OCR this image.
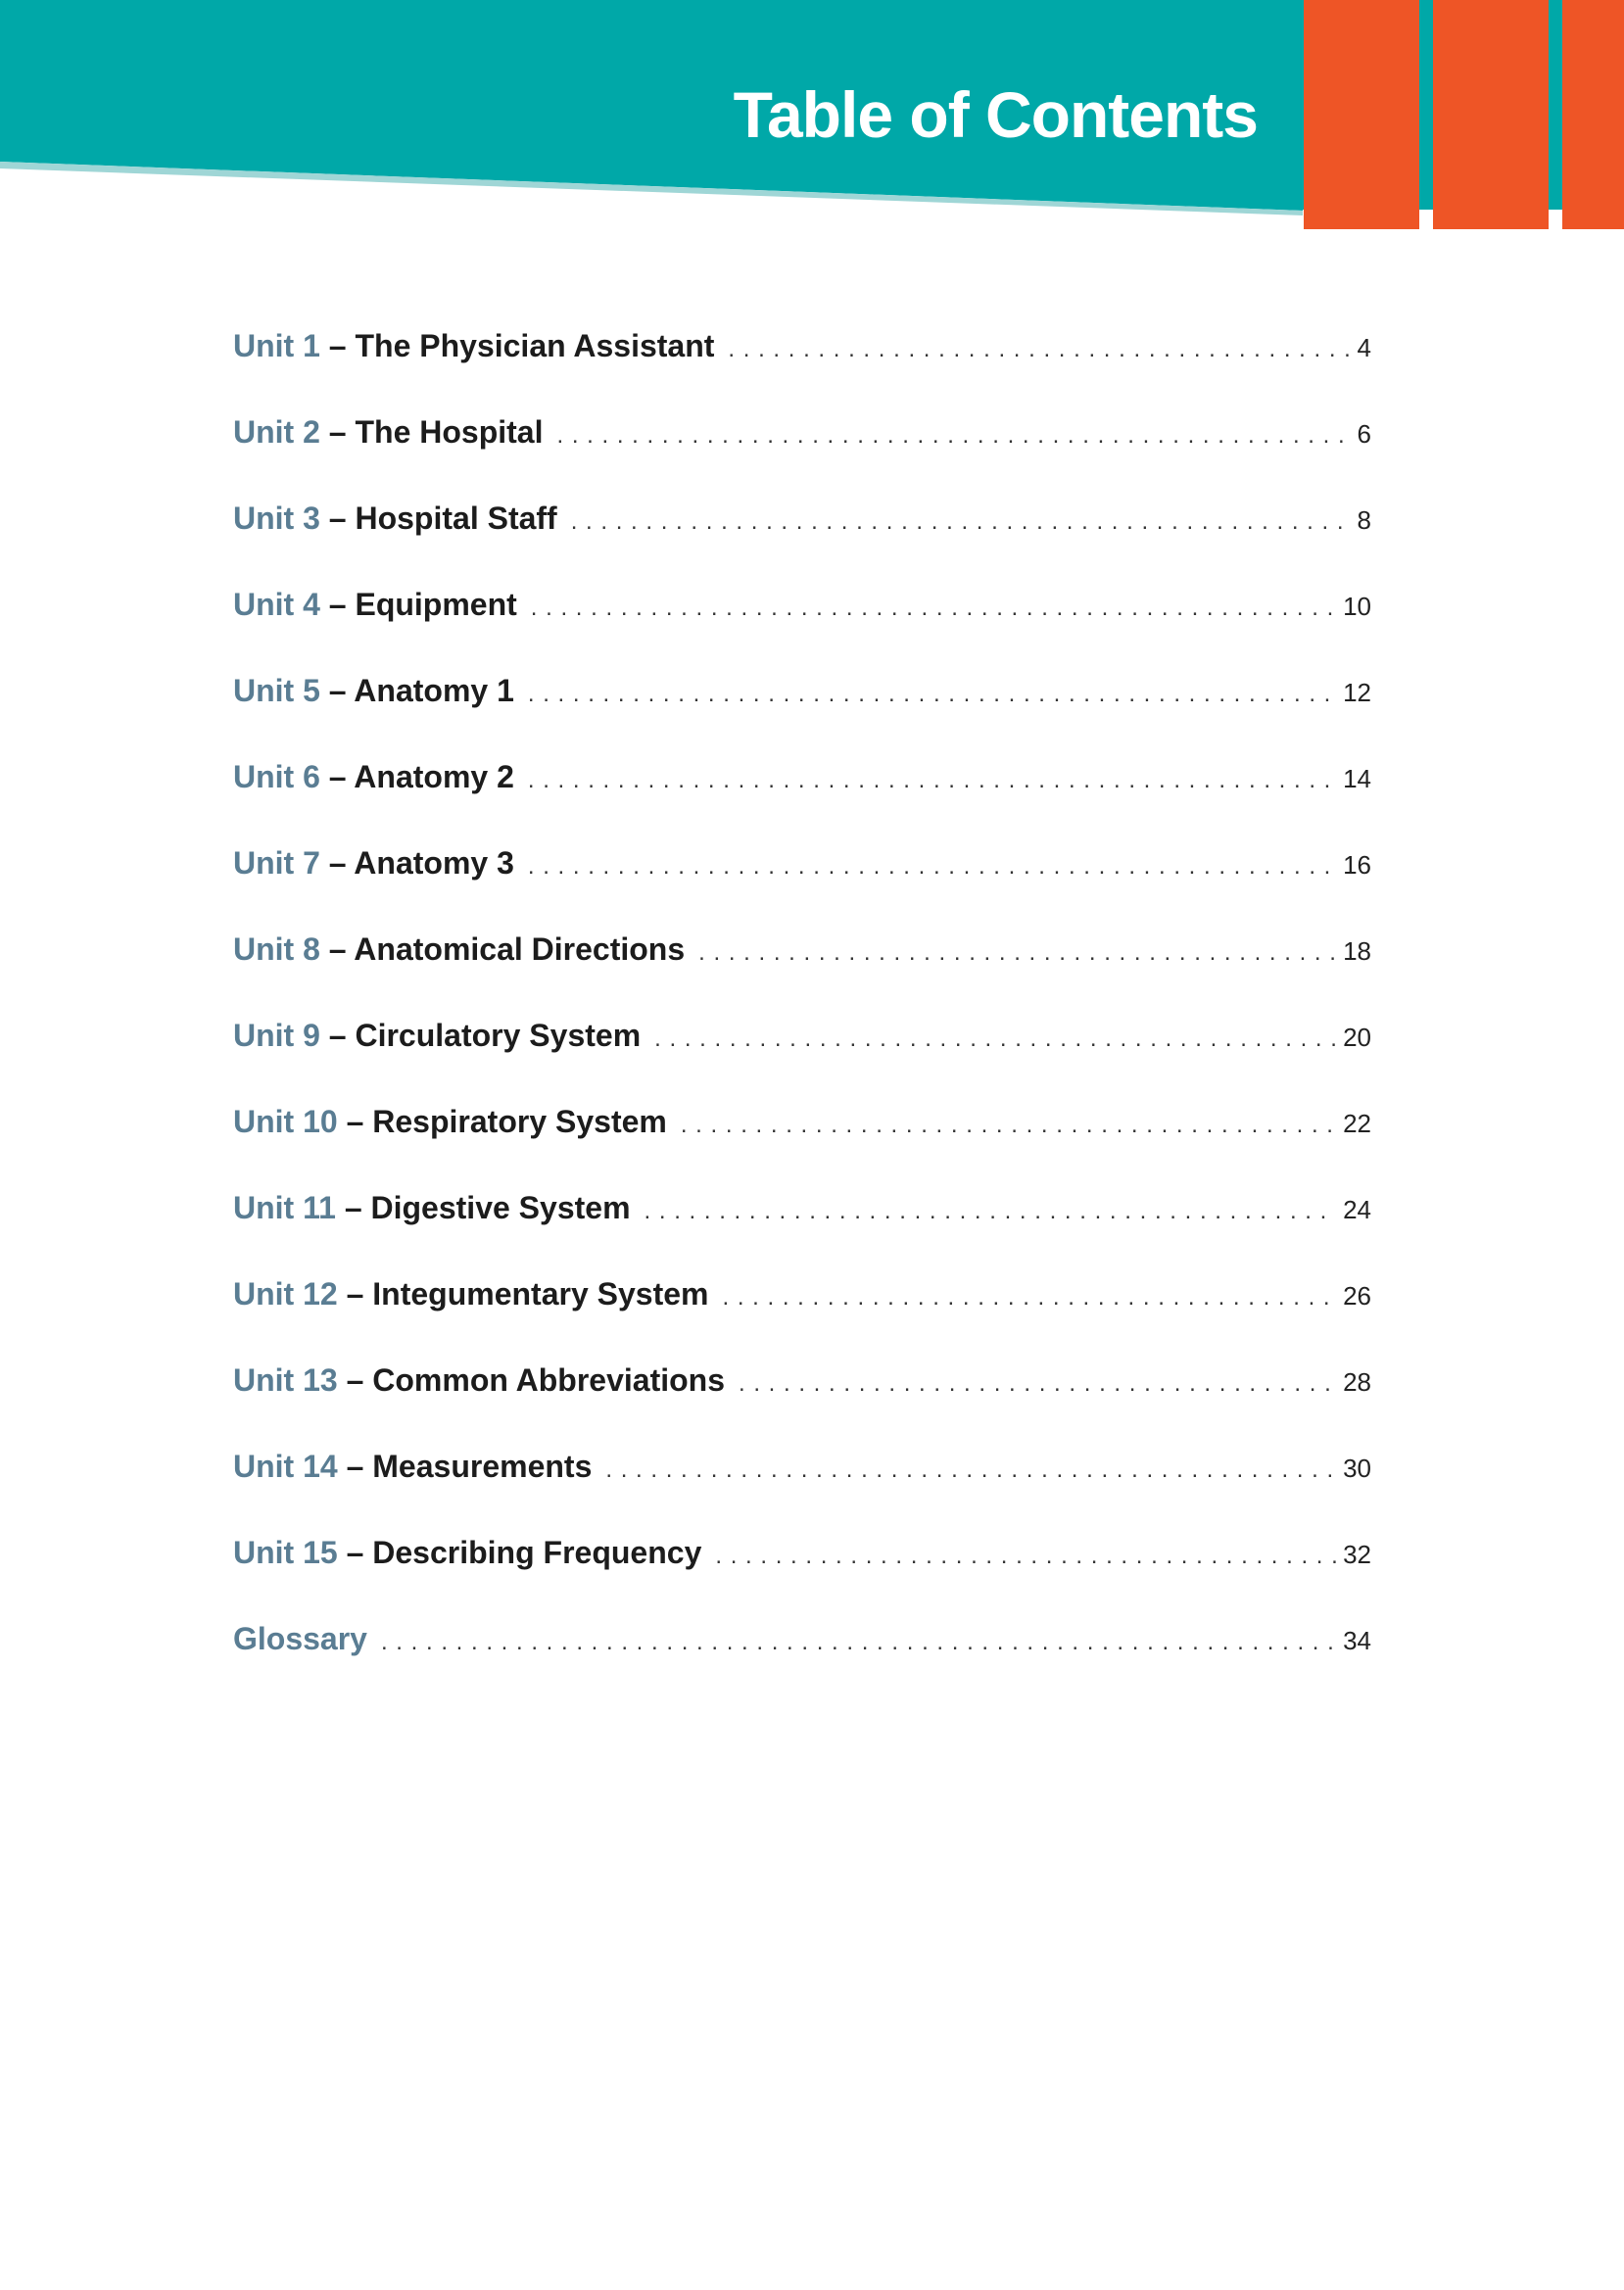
Table of Contents
Unit 1 – The Physician Assistant . . .	4
Unit 2 – The Hospital . . .	6
Unit 3 – Hospital Staff . . .	8
Unit 4 – Equipment . . .	10
Unit 5 – Anatomy 1 . . .	12
Unit 6 – Anatomy 2 . . .	14
Unit 7 – Anatomy 3 . . .	16
Unit 8 – Anatomical Directions . . .	18
Unit 9 – Circulatory System . . .	20
Unit 10 – Respiratory System . . .	22
Unit 11 – Digestive System . . .	24
Unit 12 – Integumentary System . . .	26
Unit 13 – Common Abbreviations . . .	28
Unit 14 – Measurements . . .	30
Unit 15 – Describing Frequency . . .	32
Glossary . . .	34
